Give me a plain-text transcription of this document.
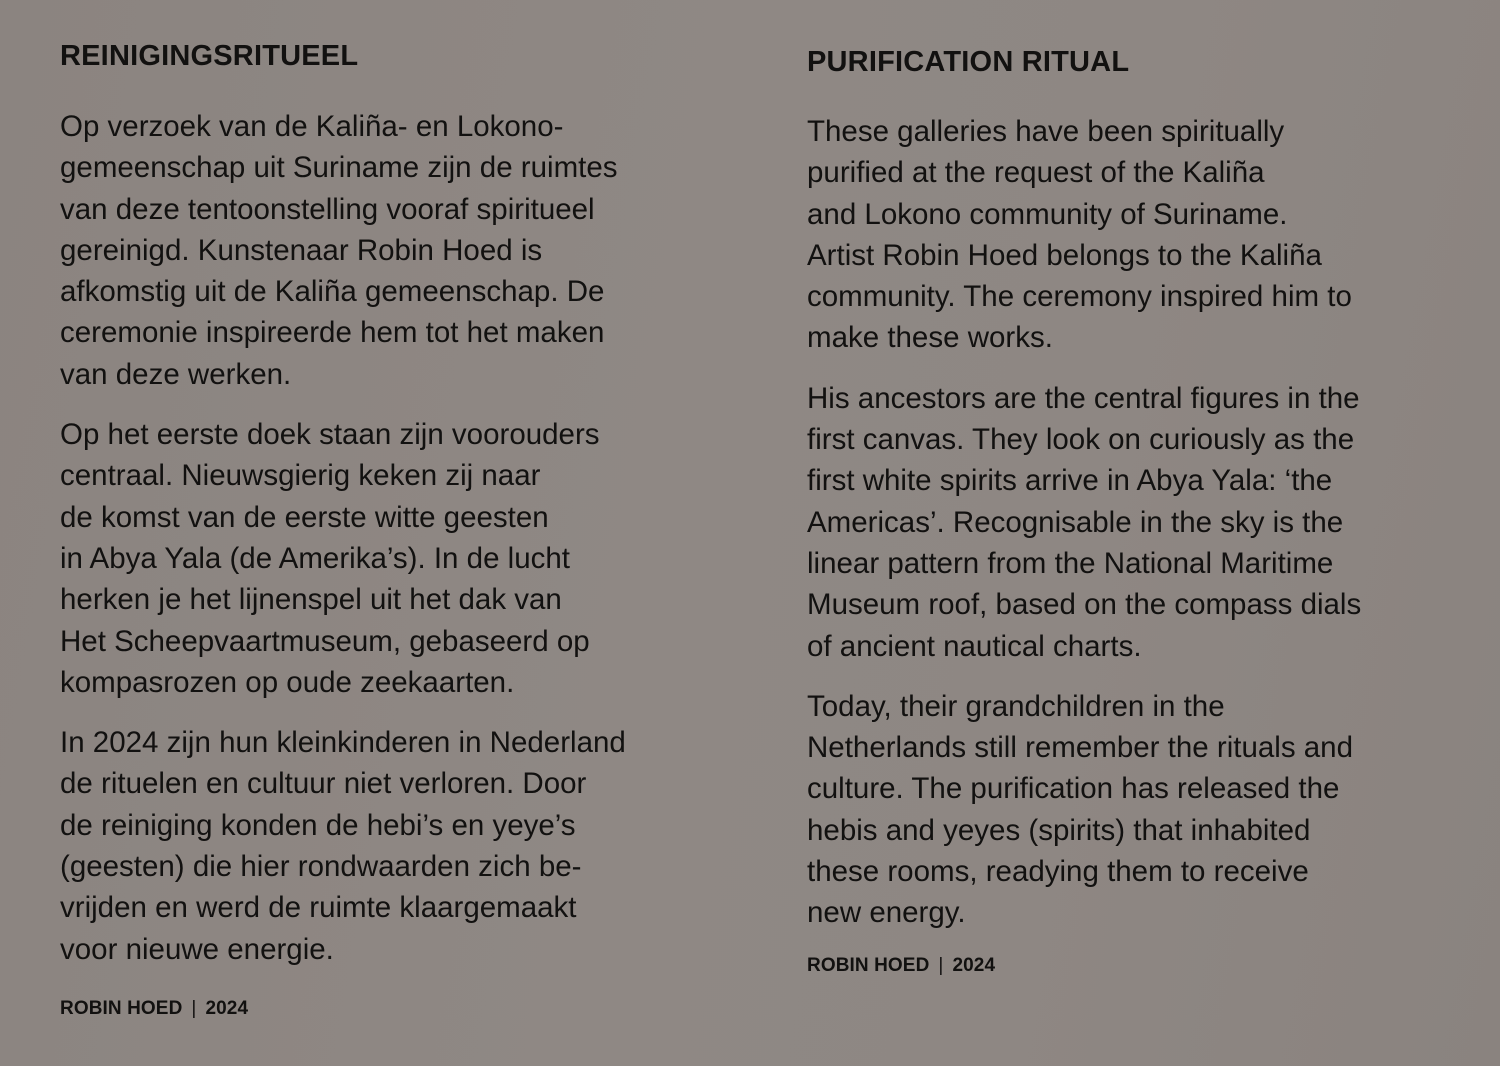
REINIGINGSRITUEEL

Op verzoek van de Kaliña- en Lokono-
gemeenschap uit Suriname zijn de ruimtes
van deze tentoonstelling vooraf spiritueel
gereinigd. Kunstenaar Robin Hoed is
afkomstig uit de Kaliña gemeenschap. De
ceremonie inspireerde hem tot het maken
van deze werken.

Op het eerste doek staan zijn voorouders
centraal. Nieuwsgierig keken zij naar
de komst van de eerste witte geesten
in Abya Yala (de Amerika’s). In de lucht
herken je het lijnenspel uit het dak van
Het Scheepvaartmuseum, gebaseerd op
kompasrozen op oude zeekaarten.

In 2024 zijn hun kleinkinderen in Nederland
de rituelen en cultuur niet verloren. Door
de reiniging konden de hebi’s en yeye’s
(geesten) die hier rondwaarden zich be-
vrijden en werd de ruimte klaargemaakt
voor nieuwe energie.

ROBIN HOED | 2024
PURIFICATION RITUAL

These galleries have been spiritually
purified at the request of the Kaliña
and Lokono community of Suriname.
Artist Robin Hoed belongs to the Kaliña
community. The ceremony inspired him to
make these works.

His ancestors are the central figures in the
first canvas. They look on curiously as the
first white spirits arrive in Abya Yala: ‘the
Americas’. Recognisable in the sky is the
linear pattern from the National Maritime
Museum roof, based on the compass dials
of ancient nautical charts.

Today, their grandchildren in the
Netherlands still remember the rituals and
culture. The purification has released the
hebis and yeyes (spirits) that inhabited
these rooms, readying them to receive
new energy.

ROBIN HOED | 2024
